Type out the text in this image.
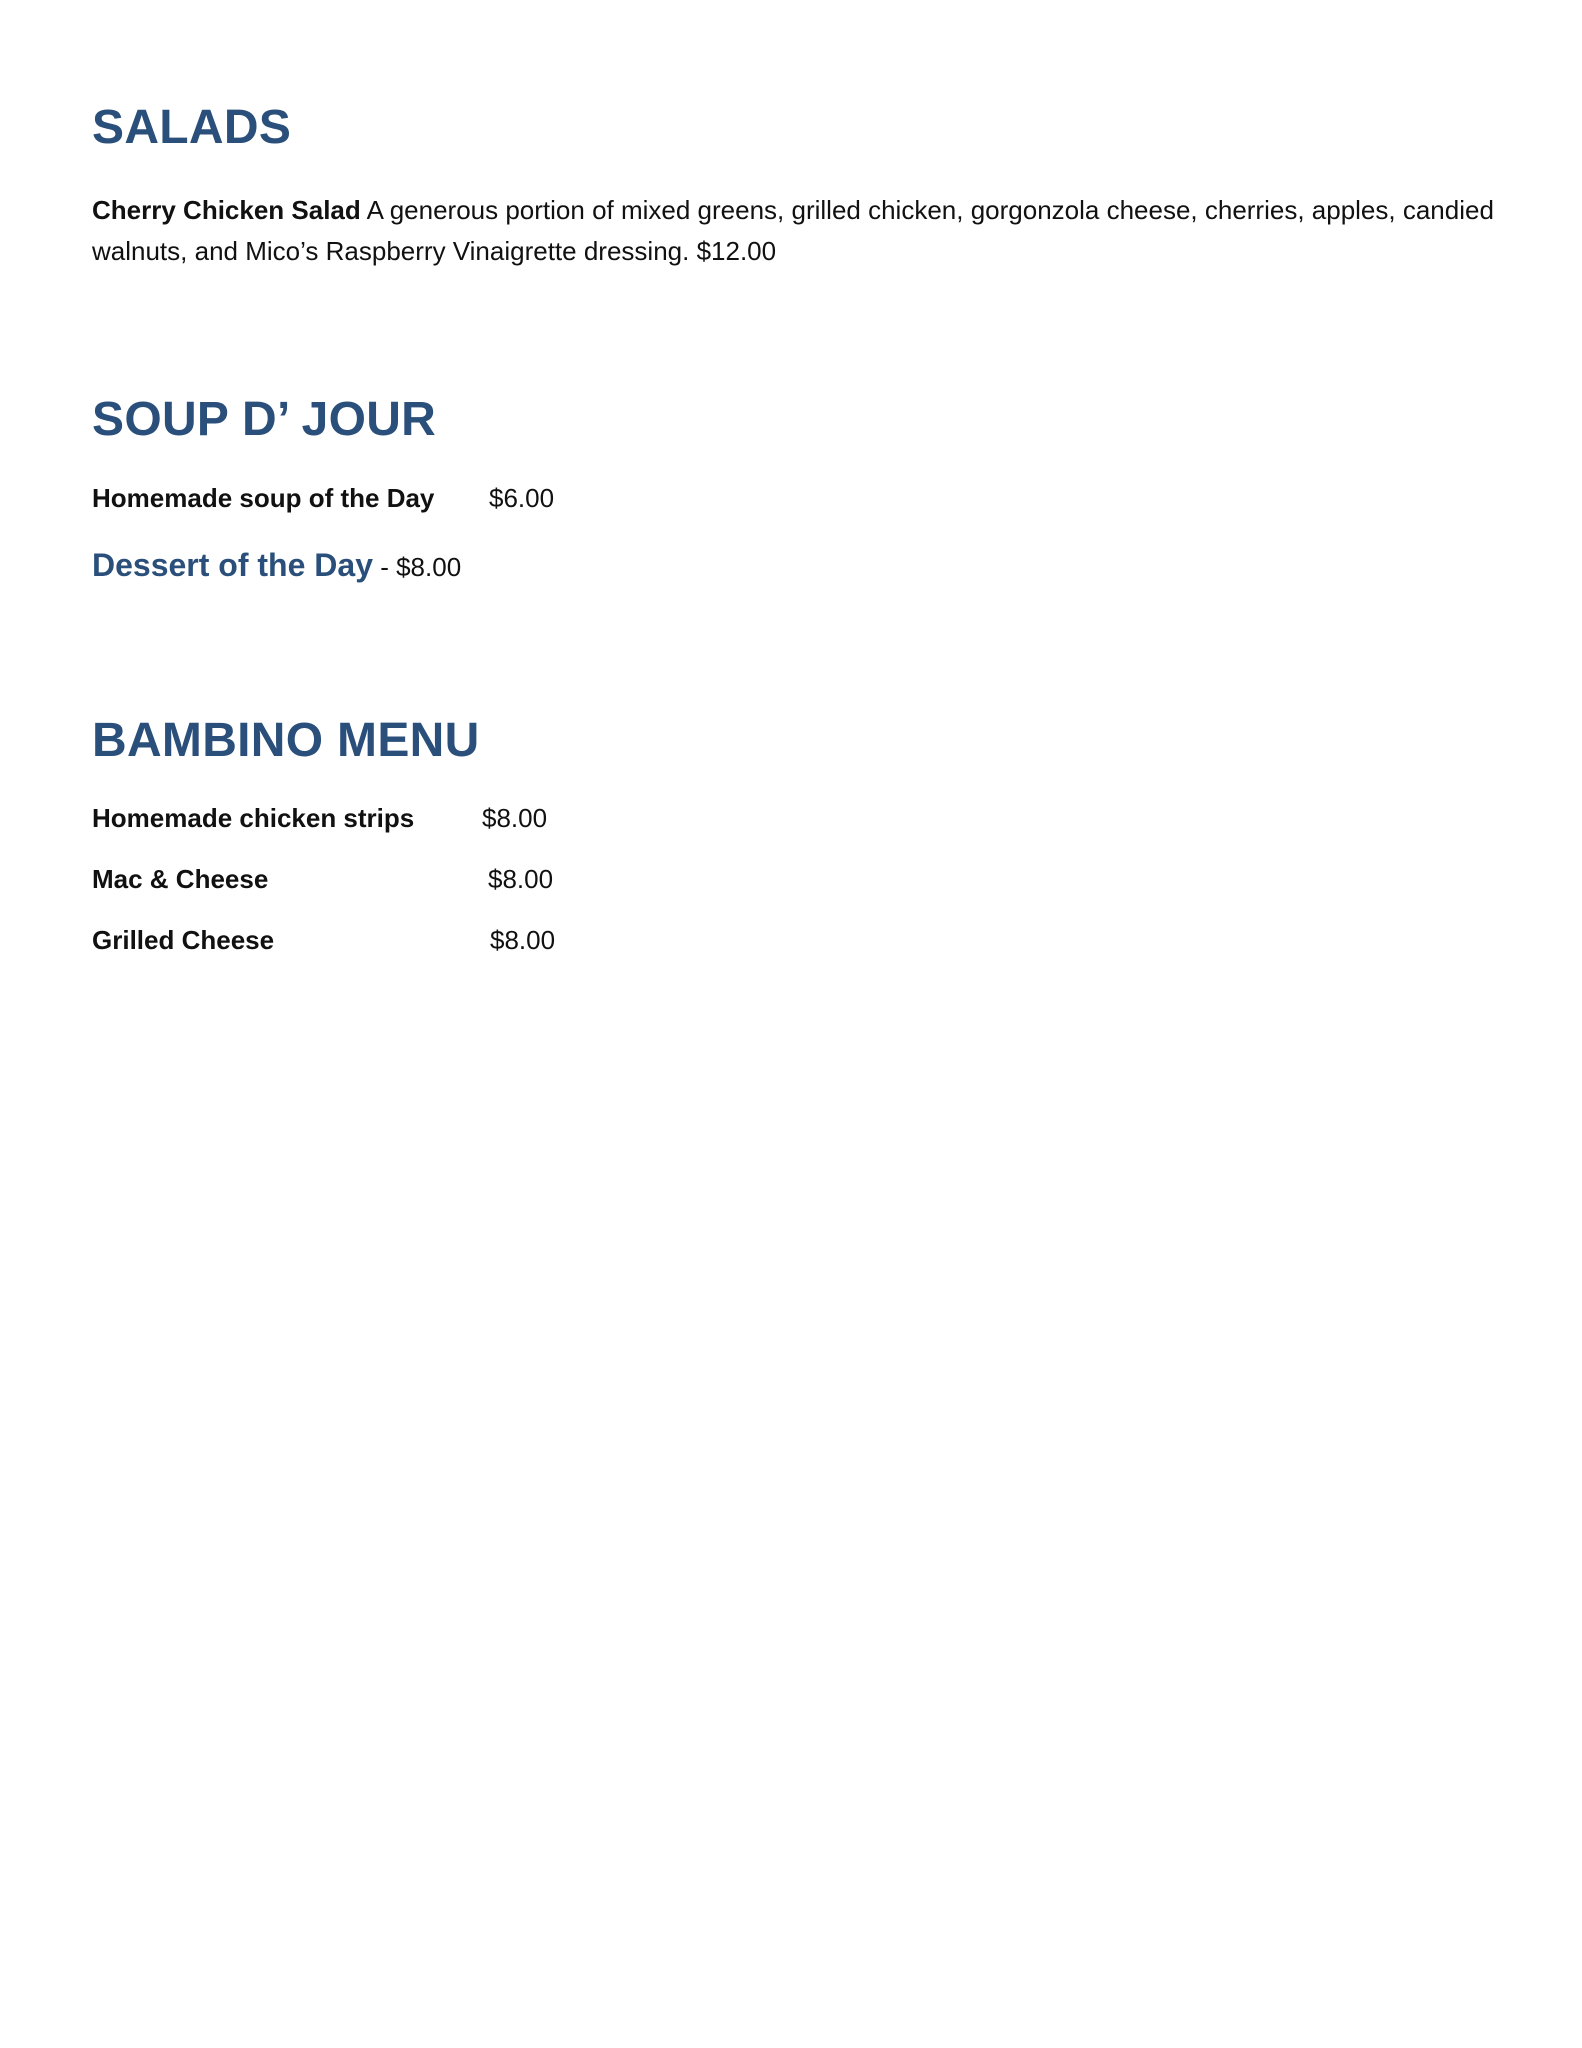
SALADS

Cherry Chicken Salad A generous portion of mixed greens, grilled chicken, gorgonzola cheese, cherries, apples, candied walnuts, and Mico’s Raspberry Vinaigrette dressing. $12.00

SOUP D’ JOUR
Homemade soup of the Day $6.00
Dessert of the Day - $8.00
BAMBINO MENU
Homemade chicken strips	$8.00
Mac & Cheese	$8.00
Grilled Cheese	$8.00
